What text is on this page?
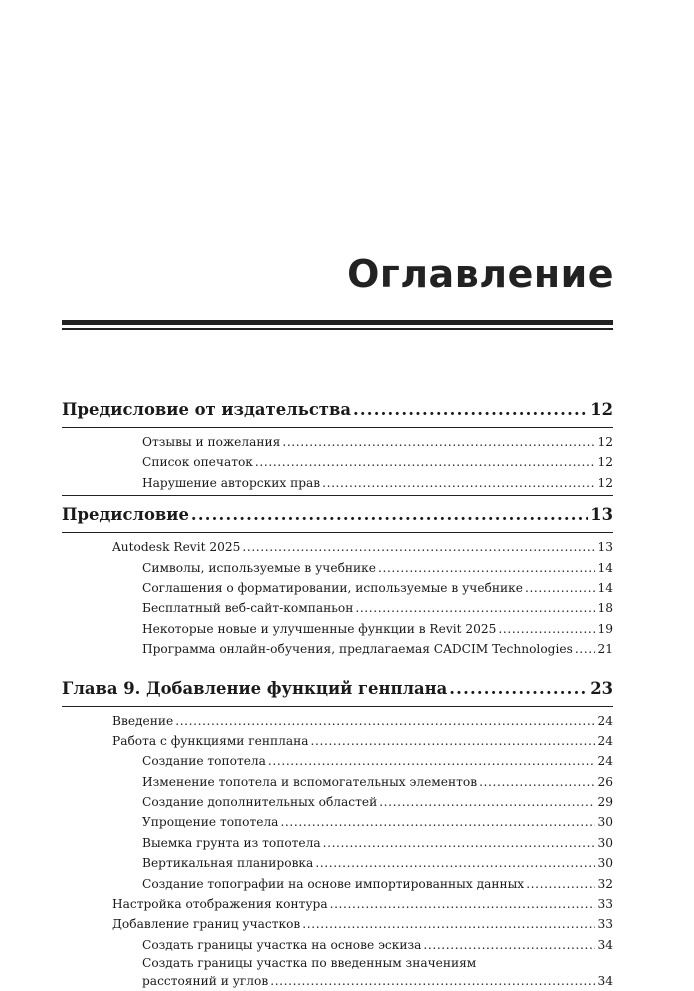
Оглавление
Предисловие от издательства .....	12
Отзывы и пожелания .....	12
Список опечаток .....	12
Нарушение авторских прав .....	12
Предисловие .....	13
Autodesk Revit 2025 .....	13
Символы, используемые в учебнике .....	14
Соглашения о форматировании, используемые в учебнике .....	14
Бесплатный веб-сайт-компаньон .....	18
Некоторые новые и улучшенные функции в Revit 2025 .....	19
Программа онлайн-обучения, предлагаемая CADCIM Technologies ..... 21
Глава 9. Добавление функций генплана .....	23
Введение .....	24
Работа с функциями генплана .....	24
Создание топотела .....	24
Изменение топотела и вспомогательных элементов .....	26
Создание дополнительных областей .....	29
Упрощение топотела .....	30
Выемка грунта из топотела .....	30
Вертикальная планировка .....	30
Создание топографии на основе импортированных данных .....	32
Настройка отображения контура .....	33
Добавление границ участков .....	33
Создать границы участка на основе эскиза .....	34
Создать границы участка по введенным значениям
расстояний и углов .....	34
